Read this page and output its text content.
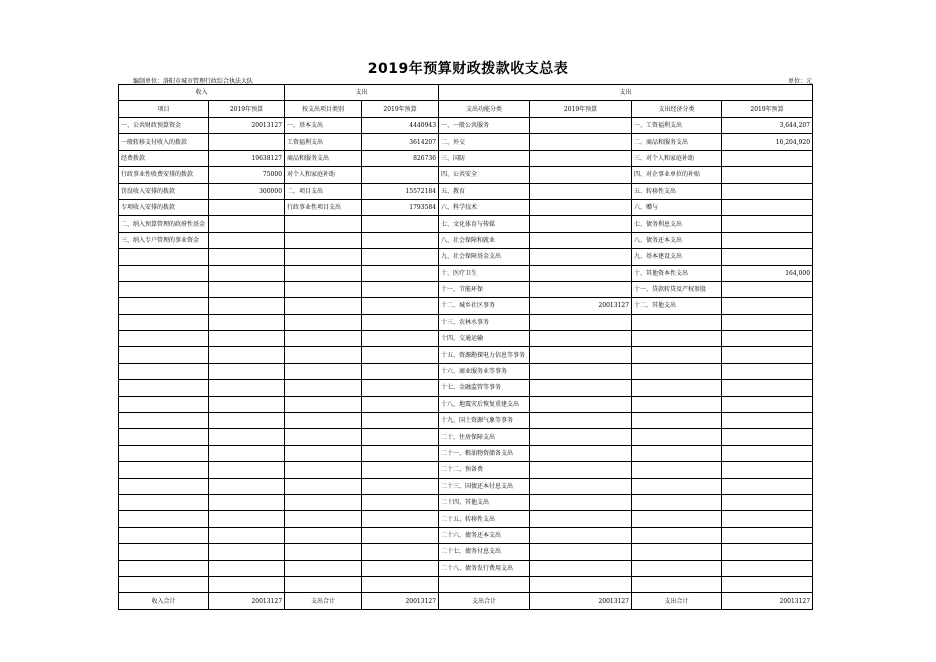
2019年预算财政拨款收支总表
编制单位：洛阳市城市管理行政综合执法大队	单位：元
收入		支出		支出			
项目	2019年预算	按支出项目类别	2019年预算	支出功能分类	2019年预算	支出经济分类	2019年预算
一、公共财政预算资金	20013127	一、基本支出	4440943	一、一般公共服务		一、工资福利支出	3,644,207
一般转移支付收入的拨款		工资福利支出	3614207	二、外交		二、商品和服务支出	16,204,920
经费拨款	19638127	商品和服务支出	826736	三、国防		三、对个人和家庭补助	
行政事业性收费安排的拨款	75000	对个人和家庭补助		四、公共安全		四、对企事业单位的补贴	
罚没收入安排的拨款	300000	二、项目支出	15572184	五、教育		五、转移性支出	
专项收入安排的拨款		行政事业性项目支出	1793584	六、科学技术		六、赠与	
二、纳入预算管理的政府性基金				七、文化体育与传媒		七、债务利息支出	
三、纳入专户管理的事业资金				八、社会保障和就业		八、债务还本支出	
				九、社会保障基金支出		九、基本建设支出	
				十、医疗卫生		十、其他资本性支出	164,000
				十一、节能环保		十一、贷款转贷及产权参股	
				十二、城乡社区事务	20013127	十二、其他支出	
				十三、农林水事务			
				十四、交通运输			
				十五、资源勘探电力信息等事务			
				十六、商业服务业等事务			
				十七、金融监管等事务			
				十八、地震灾后恢复重建支出			
				十九、国土资源气象等事务			
				二十、住房保障支出			
				二十一、粮油物资储备支出			
				二十二、预备费			
				二十三、国债还本付息支出			
				二十四、其他支出			
				二十五、转移性支出			
				二十六、债务还本支出			
				二十七、债务付息支出			
				二十八、债务发行费用支出			

收入合计	20013127	支出合计	20013127	支出合计	20013127	支出合计	20013127
